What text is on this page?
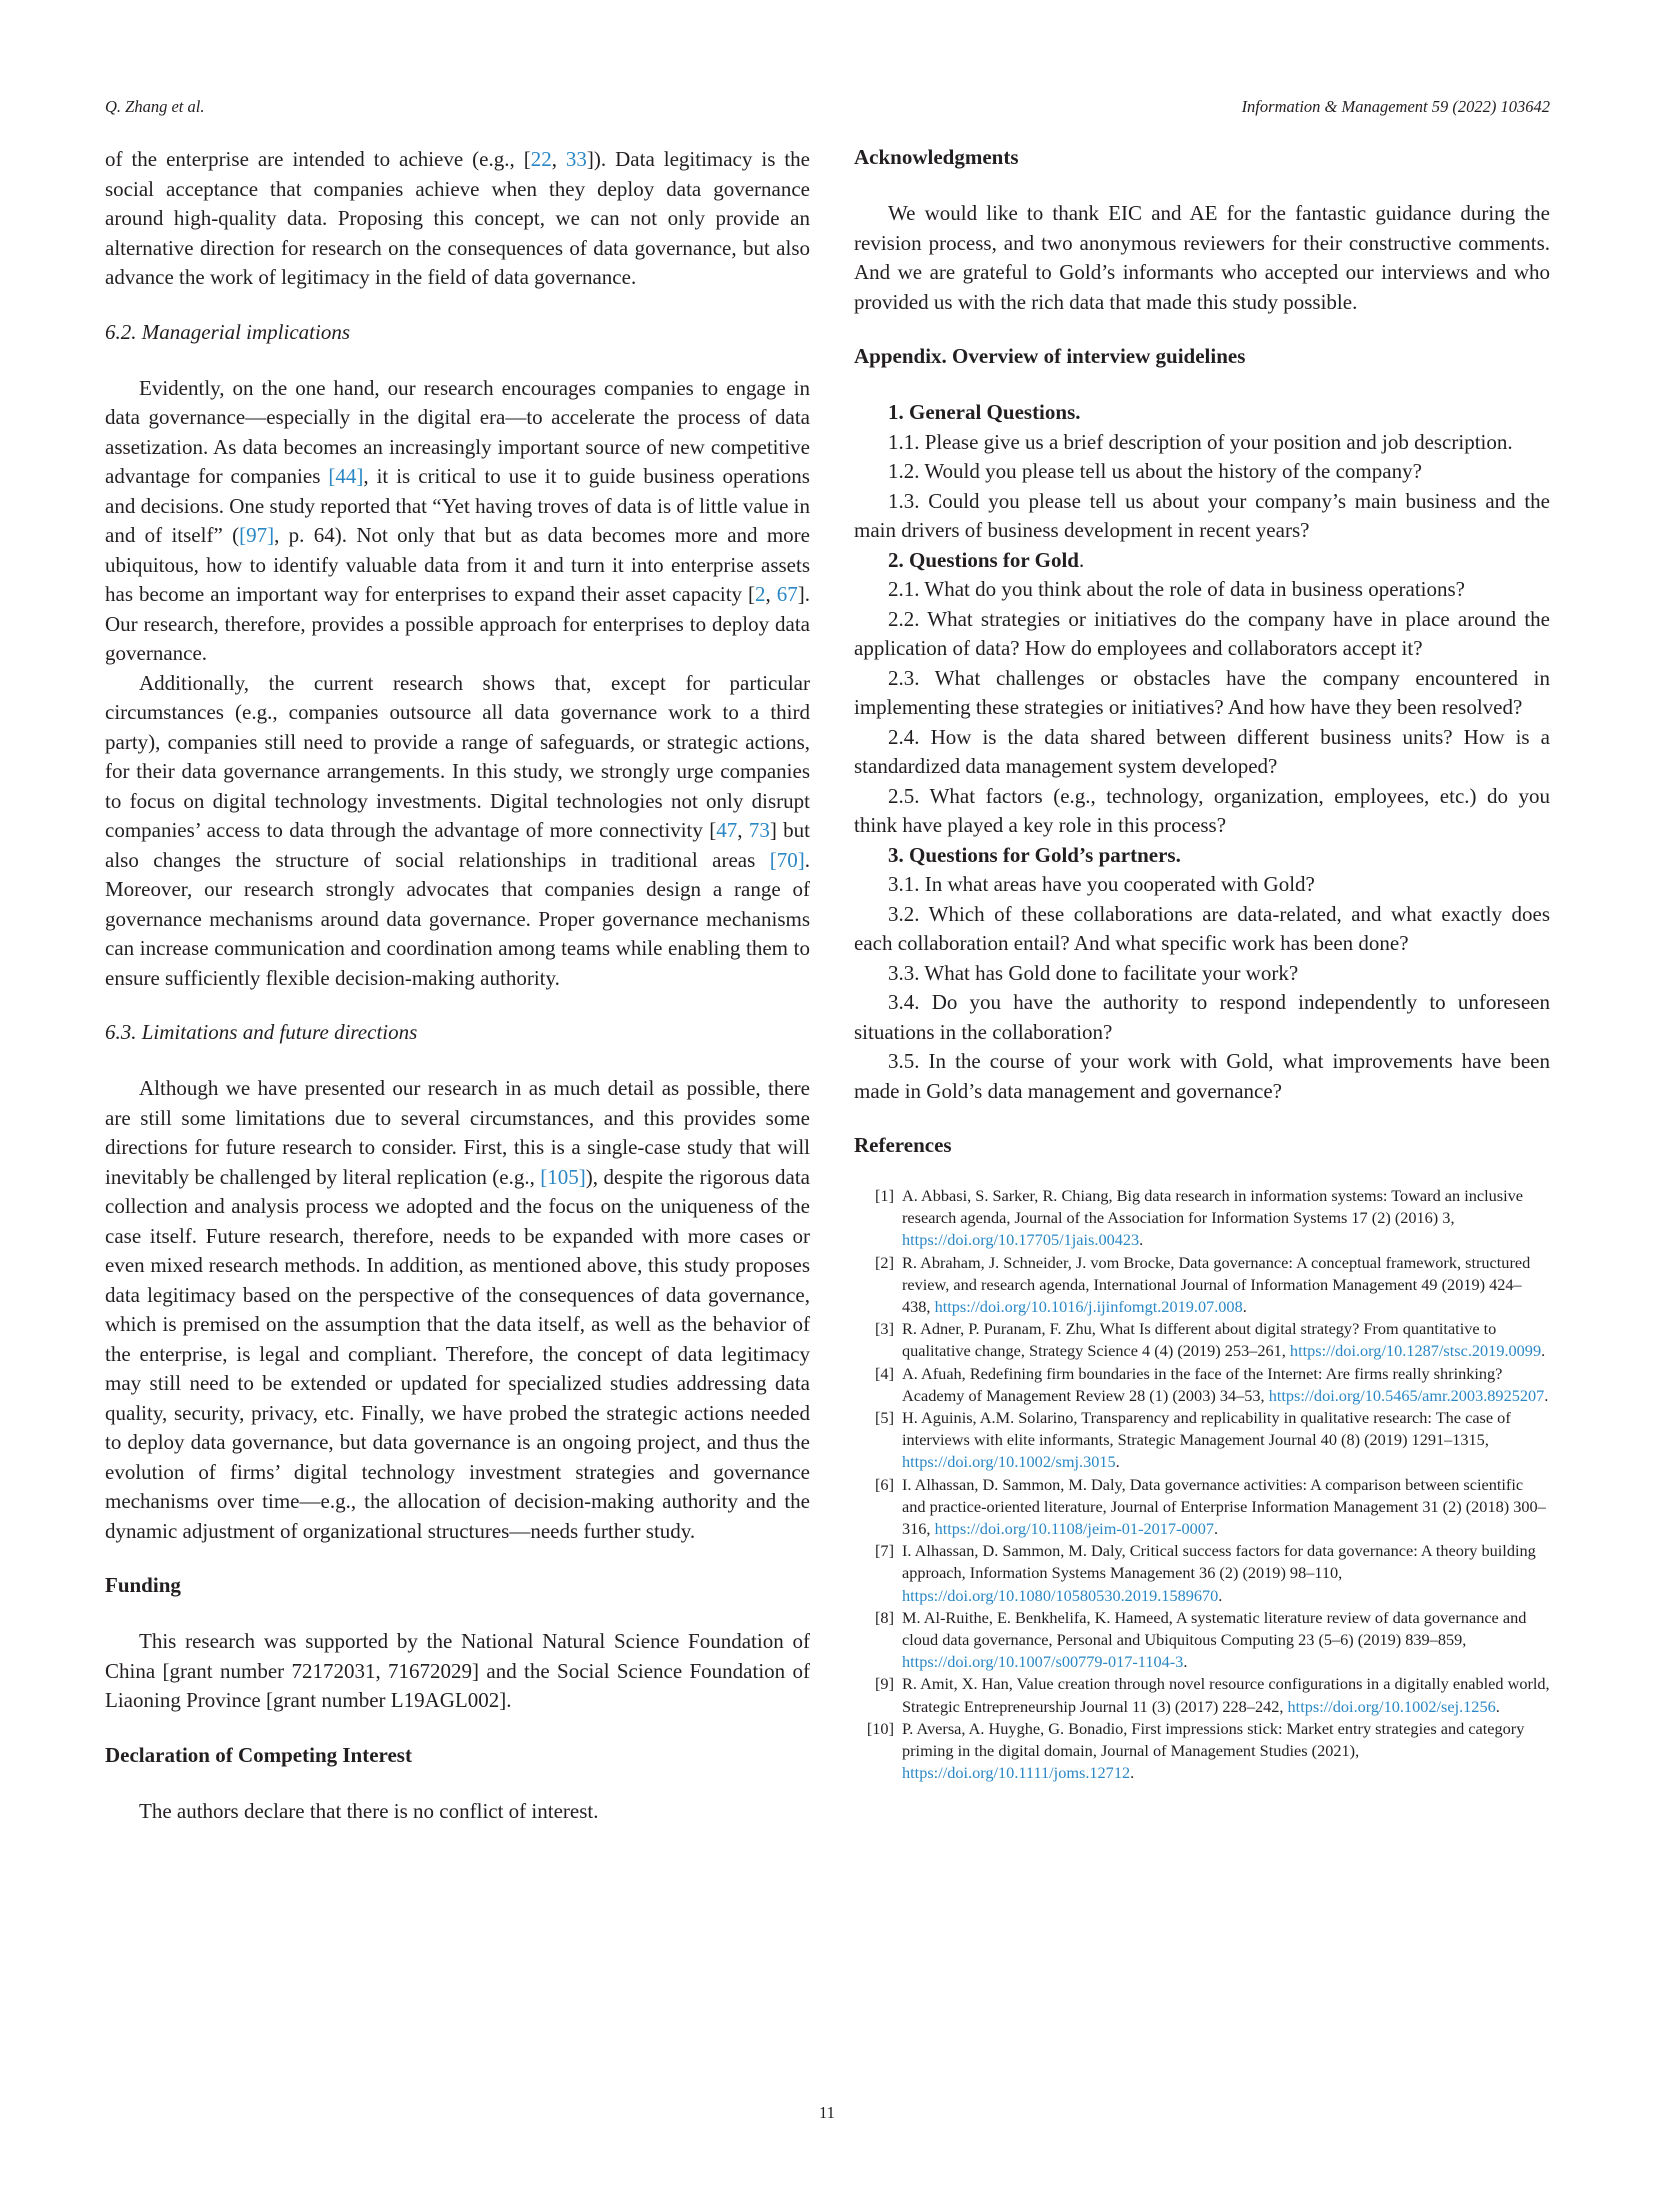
Q. Zhang et al.	Information & Management 59 (2022) 103642

of the enterprise are intended to achieve (e.g., [22, 33]). Data legitimacy is the social acceptance that companies achieve when they deploy data governance around high-quality data. Proposing this concept, we can not only provide an alternative direction for research on the consequences of data governance, but also advance the work of legitimacy in the field of data governance.

6.2. Managerial implications

Evidently, on the one hand, our research encourages companies to engage in data governance—especially in the digital era—to accelerate the process of data assetization. As data becomes an increasingly important source of new competitive advantage for companies [44], it is critical to use it to guide business operations and decisions. One study reported that “Yet having troves of data is of little value in and of itself” ([97], p. 64). Not only that but as data becomes more and more ubiquitous, how to identify valuable data from it and turn it into enterprise assets has become an important way for enterprises to expand their asset capacity [2, 67]. Our research, therefore, provides a possible approach for enterprises to deploy data governance.

Additionally, the current research shows that, except for particular circumstances (e.g., companies outsource all data governance work to a third party), companies still need to provide a range of safeguards, or strategic actions, for their data governance arrangements. In this study, we strongly urge companies to focus on digital technology investments. Digital technologies not only disrupt companies’ access to data through the advantage of more connectivity [47, 73] but also changes the structure of social relationships in traditional areas [70]. Moreover, our research strongly advocates that companies design a range of governance mechanisms around data governance. Proper governance mechanisms can increase communication and coordination among teams while enabling them to ensure sufficiently flexible decision-making authority.

6.3. Limitations and future directions

Although we have presented our research in as much detail as possible, there are still some limitations due to several circumstances, and this provides some directions for future research to consider. First, this is a single-case study that will inevitably be challenged by literal replication (e.g., [105]), despite the rigorous data collection and analysis process we adopted and the focus on the uniqueness of the case itself. Future research, therefore, needs to be expanded with more cases or even mixed research methods. In addition, as mentioned above, this study proposes data legitimacy based on the perspective of the consequences of data governance, which is premised on the assumption that the data itself, as well as the behavior of the enterprise, is legal and compliant. Therefore, the concept of data legitimacy may still need to be extended or updated for specialized studies addressing data quality, security, privacy, etc. Finally, we have probed the strategic actions needed to deploy data governance, but data governance is an ongoing project, and thus the evolution of firms’ digital technology investment strategies and governance mechanisms over time—e.g., the allocation of decision-making authority and the dynamic adjustment of organizational structures—needs further study.

Funding

This research was supported by the National Natural Science Foundation of China [grant number 72172031, 71672029] and the Social Science Foundation of Liaoning Province [grant number L19AGL002].

Declaration of Competing Interest

The authors declare that there is no conflict of interest.

Acknowledgments

We would like to thank EIC and AE for the fantastic guidance during the revision process, and two anonymous reviewers for their constructive comments. And we are grateful to Gold’s informants who accepted our interviews and who provided us with the rich data that made this study possible.

Appendix. Overview of interview guidelines

1. General Questions.

1.1. Please give us a brief description of your position and job description.

1.2. Would you please tell us about the history of the company?

1.3. Could you please tell us about your company’s main business and the main drivers of business development in recent years?

2. Questions for Gold.

2.1. What do you think about the role of data in business operations?

2.2. What strategies or initiatives do the company have in place around the application of data? How do employees and collaborators accept it?

2.3. What challenges or obstacles have the company encountered in implementing these strategies or initiatives? And how have they been resolved?

2.4. How is the data shared between different business units? How is a standardized data management system developed?

2.5. What factors (e.g., technology, organization, employees, etc.) do you think have played a key role in this process?

3. Questions for Gold’s partners.

3.1. In what areas have you cooperated with Gold?

3.2. Which of these collaborations are data-related, and what exactly does each collaboration entail? And what specific work has been done?

3.3. What has Gold done to facilitate your work?

3.4. Do you have the authority to respond independently to unforeseen situations in the collaboration?

3.5. In the course of your work with Gold, what improvements have been made in Gold’s data management and governance?

References
[1] A. Abbasi, S. Sarker, R. Chiang, Big data research in information systems: Toward an inclusive research agenda, Journal of the Association for Information Systems 17 (2) (2016) 3, https://doi.org/10.17705/1jais.00423.
[2] R. Abraham, J. Schneider, J. vom Brocke, Data governance: A conceptual framework, structured review, and research agenda, International Journal of Information Management 49 (2019) 424–438, https://doi.org/10.1016/j.ijinfomgt.2019.07.008.
[3] R. Adner, P. Puranam, F. Zhu, What Is different about digital strategy? From quantitative to qualitative change, Strategy Science 4 (4) (2019) 253–261, https://doi.org/10.1287/stsc.2019.0099.
[4] A. Afuah, Redefining firm boundaries in the face of the Internet: Are firms really shrinking? Academy of Management Review 28 (1) (2003) 34–53, https://doi.org/10.5465/amr.2003.8925207.
[5] H. Aguinis, A.M. Solarino, Transparency and replicability in qualitative research: The case of interviews with elite informants, Strategic Management Journal 40 (8) (2019) 1291–1315, https://doi.org/10.1002/smj.3015.
[6] I. Alhassan, D. Sammon, M. Daly, Data governance activities: A comparison between scientific and practice-oriented literature, Journal of Enterprise Information Management 31 (2) (2018) 300–316, https://doi.org/10.1108/jeim-01-2017-0007.
[7] I. Alhassan, D. Sammon, M. Daly, Critical success factors for data governance: A theory building approach, Information Systems Management 36 (2) (2019) 98–110, https://doi.org/10.1080/10580530.2019.1589670.
[8] M. Al-Ruithe, E. Benkhelifa, K. Hameed, A systematic literature review of data governance and cloud data governance, Personal and Ubiquitous Computing 23 (5–6) (2019) 839–859, https://doi.org/10.1007/s00779-017-1104-3.
[9] R. Amit, X. Han, Value creation through novel resource configurations in a digitally enabled world, Strategic Entrepreneurship Journal 11 (3) (2017) 228–242, https://doi.org/10.1002/sej.1256.
[10] P. Aversa, A. Huyghe, G. Bonadio, First impressions stick: Market entry strategies and category priming in the digital domain, Journal of Management Studies (2021), https://doi.org/10.1111/joms.12712.
11
